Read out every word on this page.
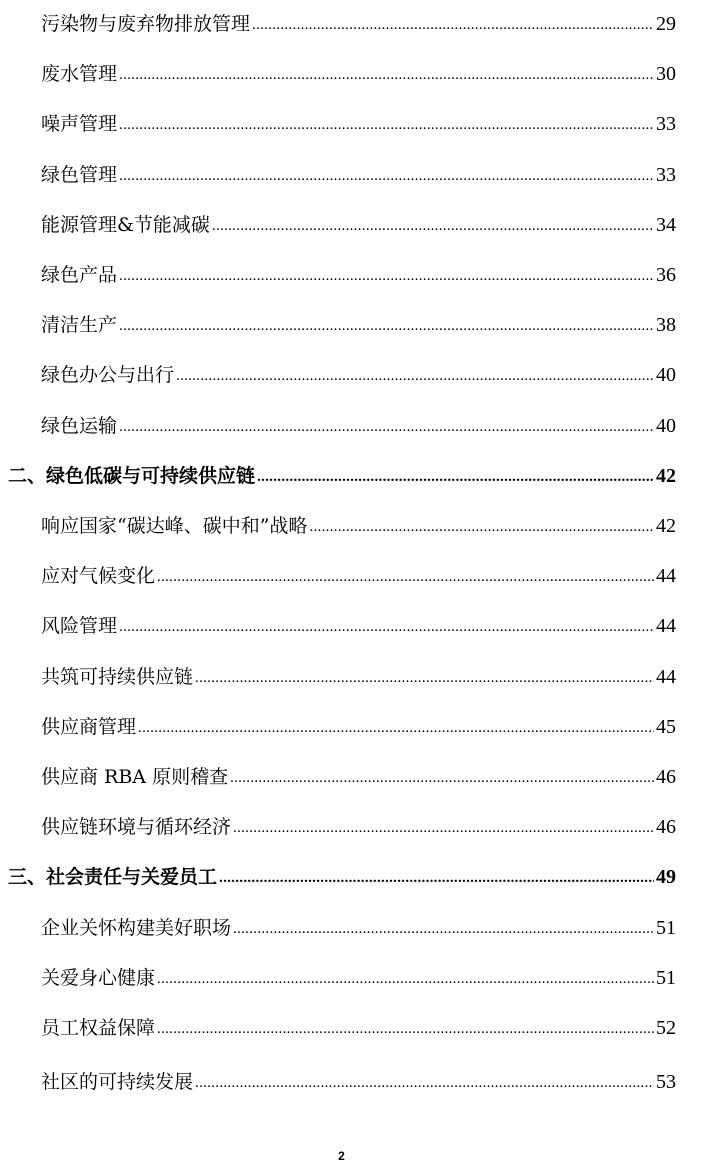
污染物与废弃物排放管理 .....	29
废水管理 .....	30
噪声管理 .....	33
绿色管理 .....	33
能源管理&节能减碳 .....	34
绿色产品 .....	36
清洁生产 .....	38
绿色办公与出行 .....	40
绿色运输 .....	40
二、绿色低碳与可持续供应链 .....	42
响应国家“碳达峰、碳中和”战略 .....	42
应对气候变化 .....	44
风险管理 .....	44
共筑可持续供应链 .....	44
供应商管理 .....	45
供应商 RBA 原则稽查 .....	46
供应链环境与循环经济 .....	46
三、社会责任与关爱员工 .....	49
企业关怀构建美好职场 .....	51
关爱身心健康 .....	51
员工权益保障 .....	52
社区的可持续发展 .....	53
2
